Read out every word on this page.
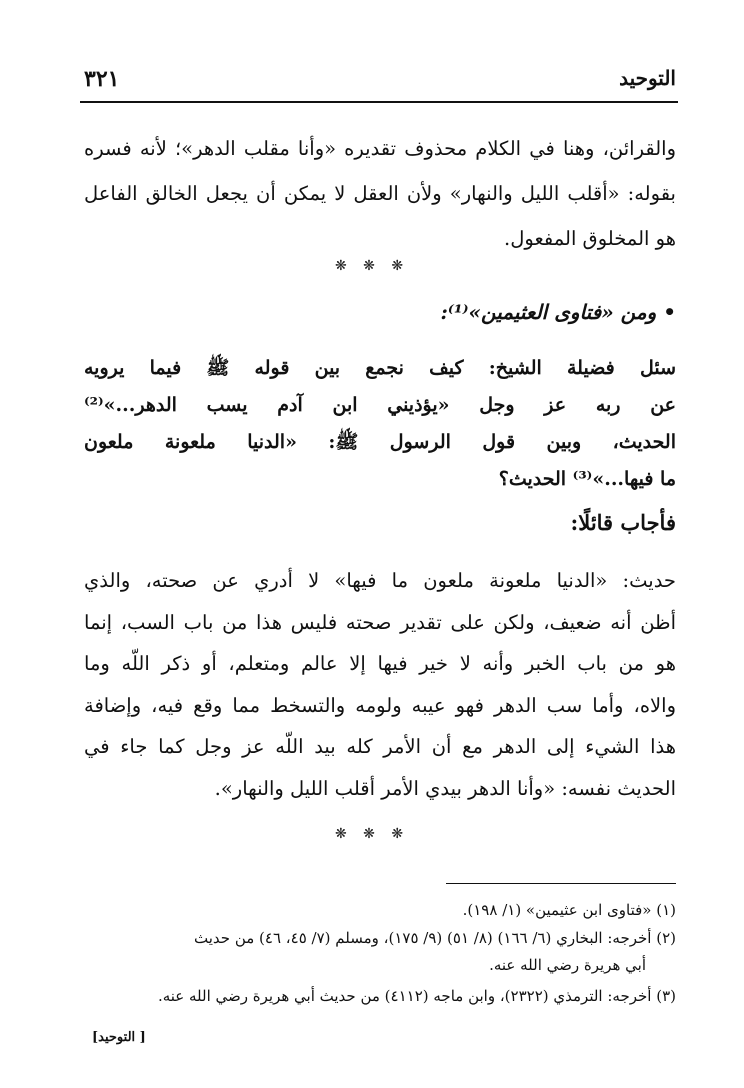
التوحيد
٣٢١
والقرائن، وهنا في الكلام محذوف تقديره «وأنا مقلب الدهر»؛ لأنه فسره
بقوله: «أقلب الليل والنهار» ولأن العقل لا يمكن أن يجعل الخالق الفاعل
هو المخلوق المفعول.
❋ ❋ ❋
• ومن «فتاوى العثيمين»⁽¹⁾:
سئل فضيلة الشيخ: كيف نجمع بين قوله ﷺ فيما يرويه
عن ربه عز وجل «يؤذيني ابن آدم يسب الدهر...»⁽²⁾
الحديث، وبين قول الرسول ﷺ: «الدنيا ملعونة ملعون
ما فيها...»⁽³⁾ الحديث؟
فأجاب قائلًا:
حديث: «الدنيا ملعونة ملعون ما فيها» لا أدري عن صحته، والذي
أظن أنه ضعيف، ولكن على تقدير صحته فليس هذا من باب السب، إنما
هو من باب الخبر وأنه لا خير فيها إلا عالم ومتعلم، أو ذكر اللّه وما
والاه، وأما سب الدهر فهو عيبه ولومه والتسخط مما وقع فيه، وإضافة
هذا الشيء إلى الدهر مع أن الأمر كله بيد اللّه عز وجل كما جاء في
الحديث نفسه: «وأنا الدهر بيدي الأمر أقلب الليل والنهار».
❋ ❋ ❋
(١) «فتاوى ابن عثيمين» (١/ ١٩٨).
(٢) أخرجه: البخاري (٦/ ١٦٦) (٨/ ٥١) (٩/ ١٧٥)، ومسلم (٧/ ٤٥، ٤٦) من حديث
أبي هريرة رضي الله عنه.
(٣) أخرجه: الترمذي (٢٣٢٢)، وابن ماجه (٤١١٢) من حديث أبي هريرة رضي الله عنه.
[ التوحيد]
